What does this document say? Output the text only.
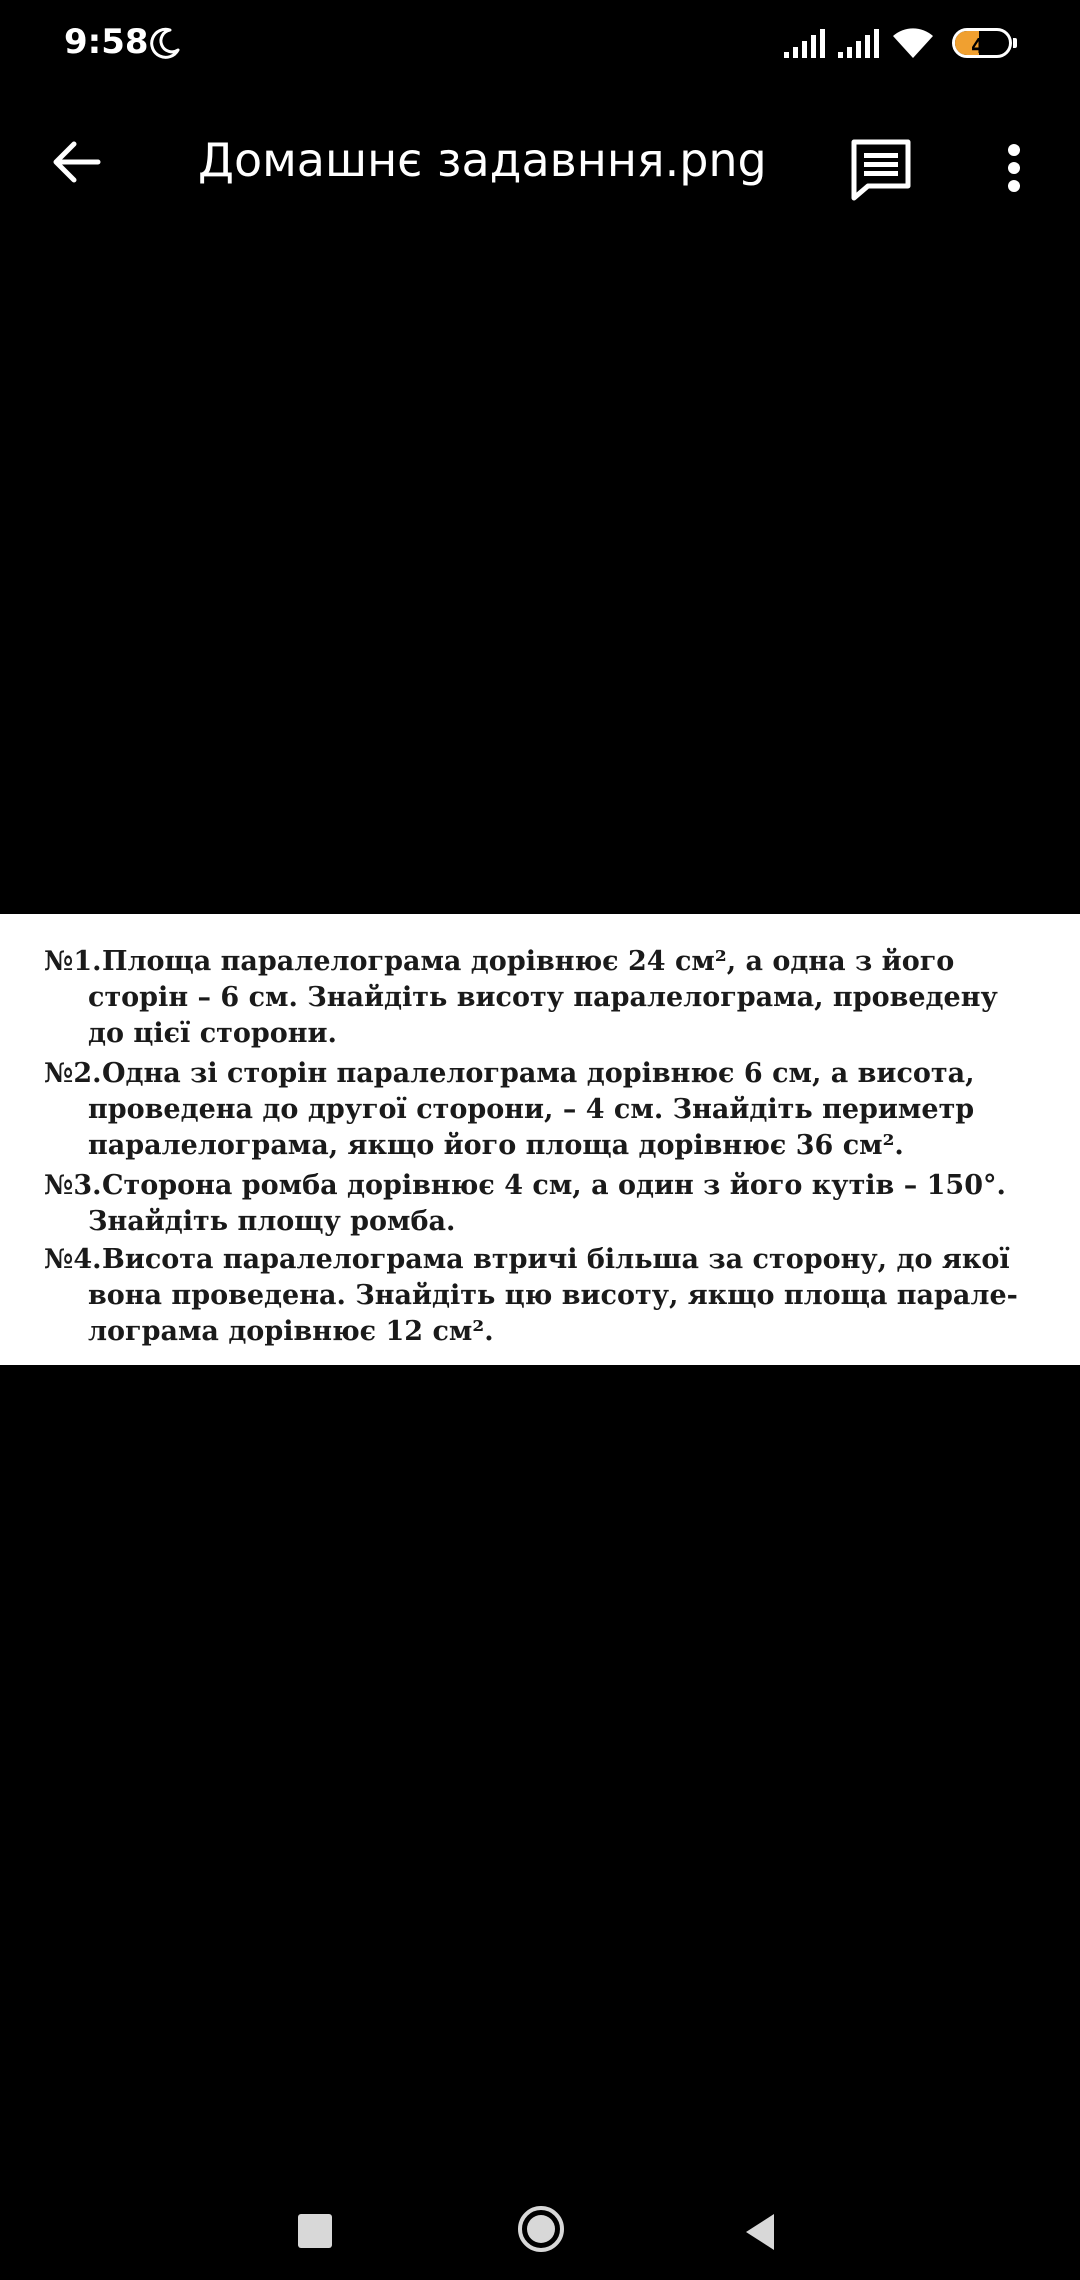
9:58	45
Домашнє задавння.png
№1. Площа паралелограма дорівнює 24 см², а одна з його
сторін – 6 см. Знайдіть висоту паралелограма, проведену
до цієї сторони.
№2. Одна зі сторін паралелограма дорівнює 6 см, а висота,
проведена до другої сторони, – 4 см. Знайдіть периметр
паралелограма, якщо його площа дорівнює 36 см².
№3. Сторона ромба дорівнює 4 см, а один з його кутів – 150°.
Знайдіть площу ромба.
№4. Висота паралелограма втричі більша за сторону, до якої
вона проведена. Знайдіть цю висоту, якщо площа парале-
лограма дорівнює 12 см².
